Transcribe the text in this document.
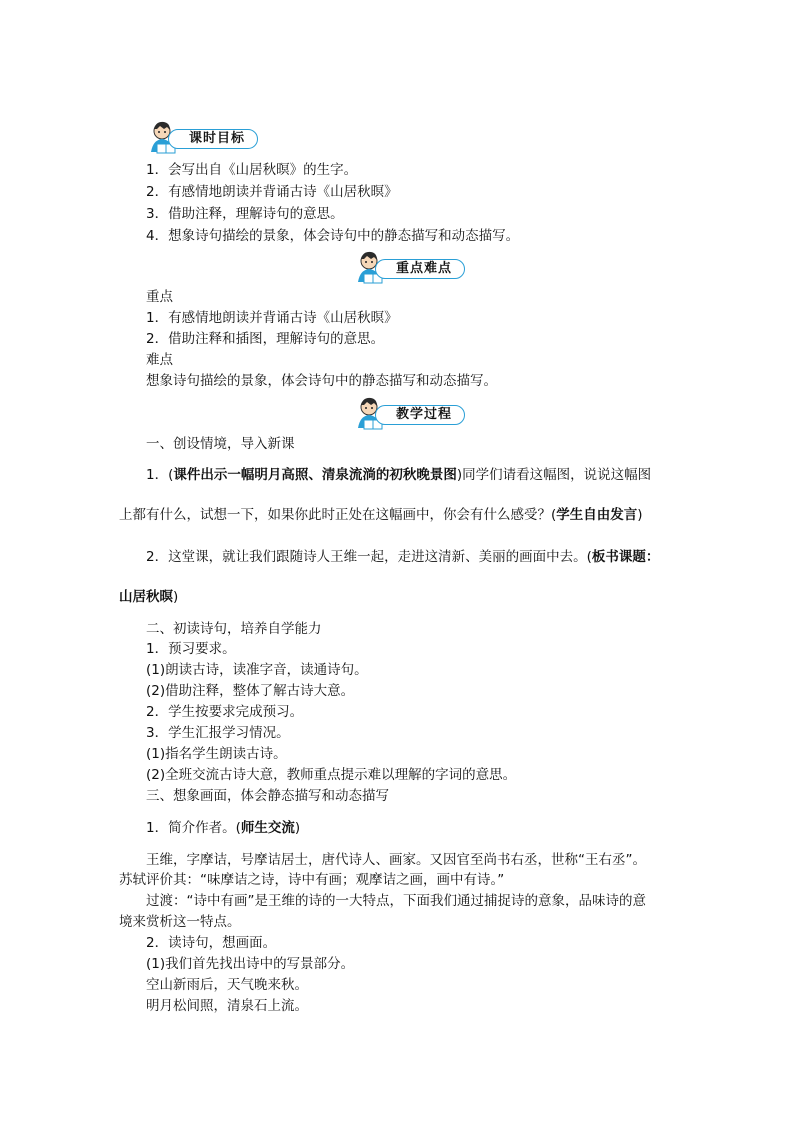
课时目标
1．会写出自《山居秋暝》的生字。
2．有感情地朗读并背诵古诗《山居秋暝》
3．借助注释，理解诗句的意思。
4．想象诗句描绘的景象，体会诗句中的静态描写和动态描写。
重点难点
重点
1．有感情地朗读并背诵古诗《山居秋暝》
2．借助注释和插图，理解诗句的意思。
难点
想象诗句描绘的景象，体会诗句中的静态描写和动态描写。
教学过程
一、创设情境，导入新课
1．(课件出示一幅明月高照、清泉流淌的初秋晚景图)同学们请看这幅图，说说这幅图
上都有什么，试想一下，如果你此时正处在这幅画中，你会有什么感受？(学生自由发言)
2．这堂课，就让我们跟随诗人王维一起，走进这清新、美丽的画面中去。(板书课题：
山居秋暝)
二、初读诗句，培养自学能力
1．预习要求。
(1)朗读古诗，读准字音，读通诗句。
(2)借助注释，整体了解古诗大意。
2．学生按要求完成预习。
3．学生汇报学习情况。
(1)指名学生朗读古诗。
(2)全班交流古诗大意，教师重点提示难以理解的字词的意思。
三、想象画面，体会静态描写和动态描写
1．简介作者。(师生交流)
王维，字摩诘，号摩诘居士，唐代诗人、画家。又因官至尚书右丞，世称“王右丞”。
苏轼评价其：“味摩诘之诗，诗中有画；观摩诘之画，画中有诗。”
过渡：“诗中有画”是王维的诗的一大特点，下面我们通过捕捉诗的意象，品味诗的意
境来赏析这一特点。
2．读诗句，想画面。
(1)我们首先找出诗中的写景部分。
空山新雨后，天气晚来秋。
明月松间照，清泉石上流。
